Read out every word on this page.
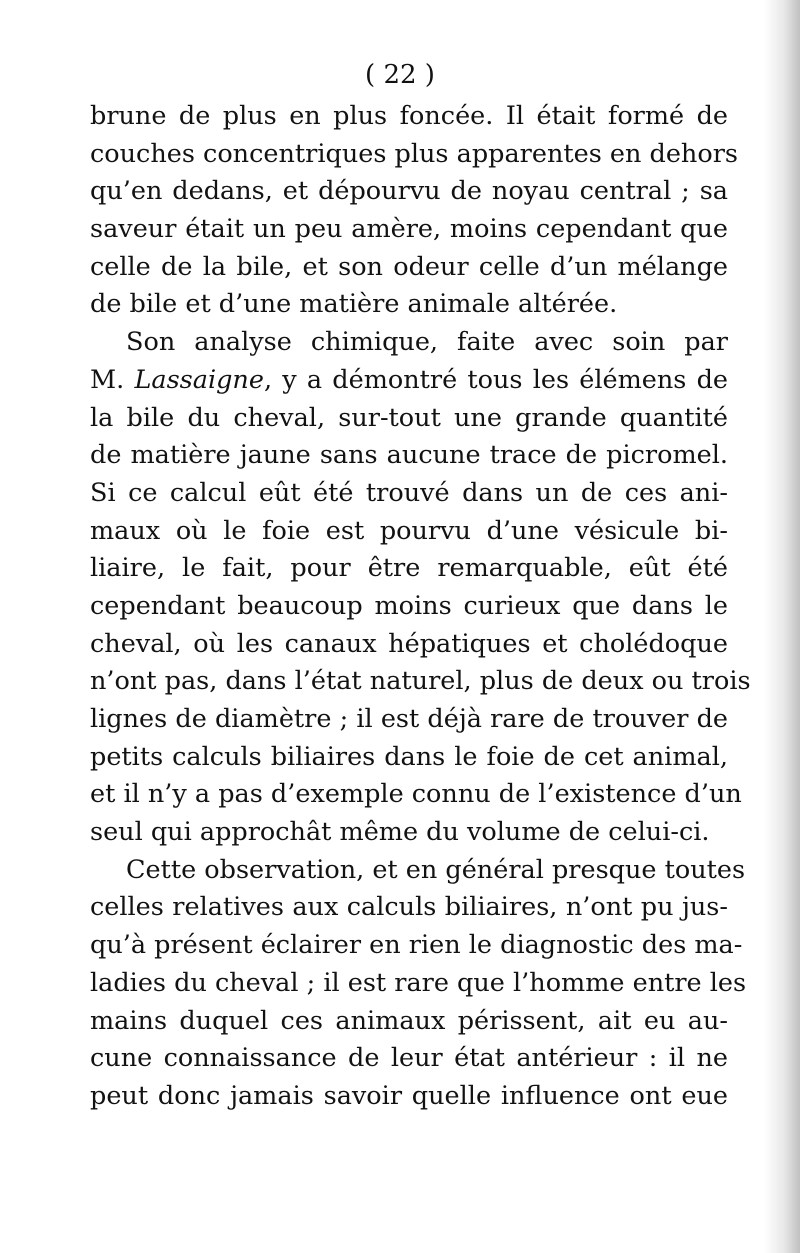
( 22 )
brune de plus en plus foncée. Il était formé de
couches concentriques plus apparentes en dehors
qu’en dedans, et dépourvu de noyau central ; sa
saveur était un peu amère, moins cependant que
celle de la bile, et son odeur celle d’un mélange
de bile et d’une matière animale altérée.
Son analyse chimique, faite avec soin par
M. Lassaigne, y a démontré tous les élémens de
la bile du cheval, sur-tout une grande quantité
de matière jaune sans aucune trace de picromel.
Si ce calcul eût été trouvé dans un de ces ani-
maux où le foie est pourvu d’une vésicule bi-
liaire, le fait, pour être remarquable, eût été
cependant beaucoup moins curieux que dans le
cheval, où les canaux hépatiques et cholédoque
n’ont pas, dans l’état naturel, plus de deux ou trois
lignes de diamètre ; il est déjà rare de trouver de
petits calculs biliaires dans le foie de cet animal,
et il n’y a pas d’exemple connu de l’existence d’un
seul qui approchât même du volume de celui-ci.
Cette observation, et en général presque toutes
celles relatives aux calculs biliaires, n’ont pu jus-
qu’à présent éclairer en rien le diagnostic des ma-
ladies du cheval ; il est rare que l’homme entre les
mains duquel ces animaux périssent, ait eu au-
cune connaissance de leur état antérieur : il ne
peut donc jamais savoir quelle influence ont eue
